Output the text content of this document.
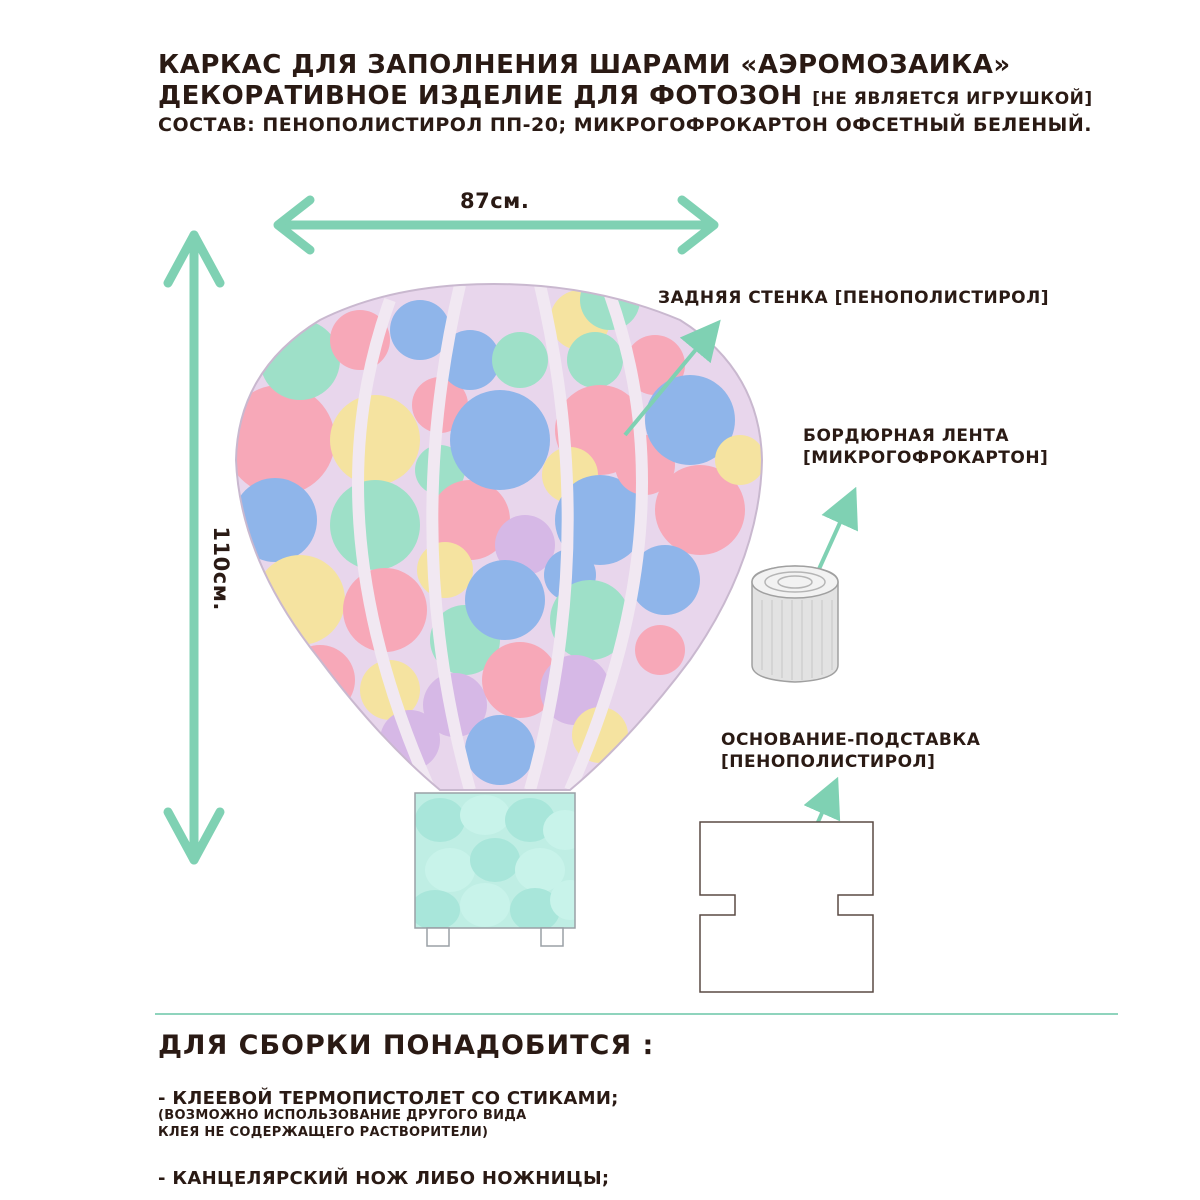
КАРКАС ДЛЯ ЗАПОЛНЕНИЯ ШАРАМИ «АЭРОМОЗАИКА»
ДЕКОРАТИВНОЕ ИЗДЕЛИЕ ДЛЯ ФОТОЗОН [НЕ ЯВЛЯЕТСЯ ИГРУШКОЙ]
СОСТАВ: ПЕНОПОЛИСТИРОЛ ПП-20; МИКРОГОФРОКАРТОН ОФСЕТНЫЙ БЕЛЕНЫЙ.
87см.
110см.
ЗАДНЯЯ СТЕНКА [ПЕНОПОЛИСТИРОЛ]
БОРДЮРНАЯ ЛЕНТА
[МИКРОГОФРОКАРТОН]
ОСНОВАНИЕ-ПОДСТАВКА
[ПЕНОПОЛИСТИРОЛ]
ДЛЯ СБОРКИ ПОНАДОБИТСЯ :
- КЛЕЕВОЙ ТЕРМОПИСТОЛЕТ СО СТИКАМИ;
(ВОЗМОЖНО ИСПОЛЬЗОВАНИЕ ДРУГОГО ВИДА
КЛЕЯ НЕ СОДЕРЖАЩЕГО РАСТВОРИТЕЛИ)
- КАНЦЕЛЯРСКИЙ НОЖ ЛИБО НОЖНИЦЫ;
